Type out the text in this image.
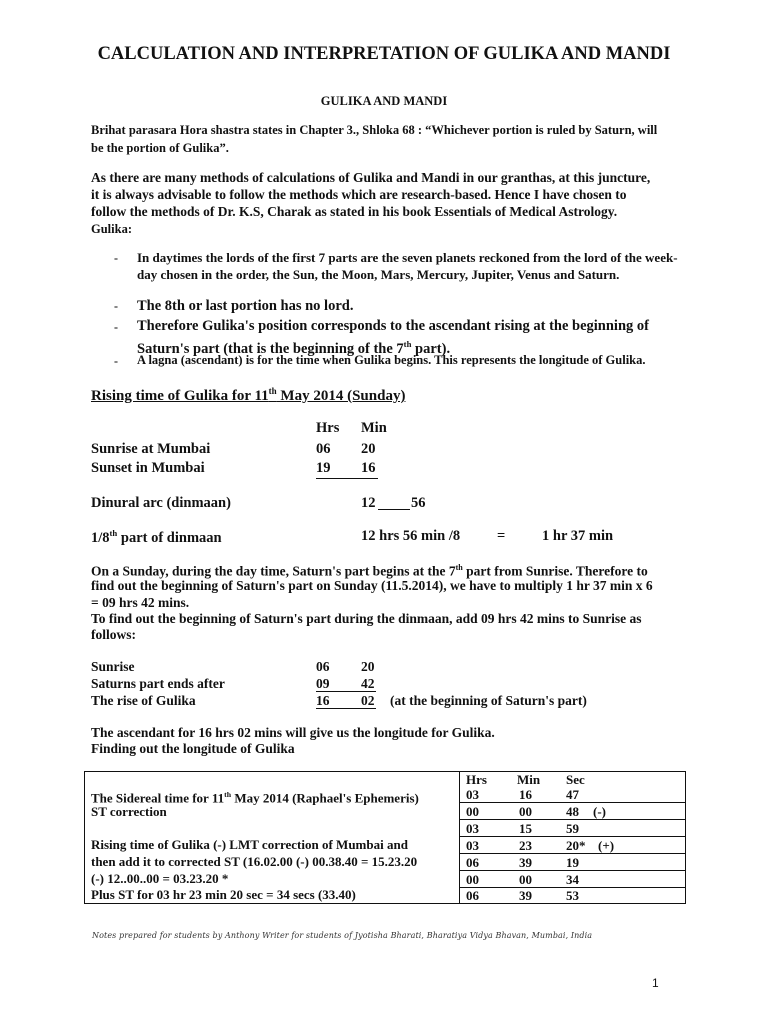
CALCULATION AND INTERPRETATION OF GULIKA AND MANDI
GULIKA AND MANDI
Brihat parasara Hora shastra states in Chapter 3., Shloka 68 : “Whichever portion is ruled by Saturn, will
be the portion of Gulika”.
As there are many methods of calculations of Gulika and Mandi in our granthas, at this juncture,
it is always advisable to follow the methods which are research-based. Hence I have chosen to
follow the methods of Dr. K.S, Charak as stated in his book Essentials of Medical Astrology.
Gulika:
- In daytimes the lords of the first 7 parts are the seven planets reckoned from the lord of the week-day chosen in the order, the Sun, the Moon, Mars, Mercury, Jupiter, Venus and Saturn.
- The 8th or last portion has no lord.
- Therefore Gulika's position corresponds to the ascendant rising at the beginning of
Saturn's part (that is the beginning of the 7th part).
- A lagna (ascendant) is for the time when Gulika begins. This represents the longitude of Gulika.
Rising time of Gulika for 11th May 2014 (Sunday)
Hrs Min
Sunrise at Mumbai	06 20
Sunset in Mumbai	19 16
Dinural arc (dinmaan)	12 56
1/8th part of dinmaan	12 hrs 56 min /8	=	1 hr 37 min
On a Sunday, during the day time, Saturn's part begins at the 7th part from Sunrise. Therefore to
find out the beginning of Saturn's part on Sunday (11.5.2014), we have to multiply 1 hr 37 min x 6
= 09 hrs 42 mins.
To find out the beginning of Saturn's part during the dinmaan, add 09 hrs 42 mins to Sunrise as
follows:
Sunrise	06 20
Saturns part ends after	09 42
The rise of Gulika	16 02 (at the beginning of Saturn's part)
The ascendant for 16 hrs 02 mins will give us the longitude for Gulika.
Finding out the longitude of Gulika
The Sidereal time for 11th May 2014 (Raphael's Ephemeris)
ST correction
Rising time of Gulika (-) LMT correction of Mumbai and
then add it to corrected ST (16.02.00 (-) 00.38.40 = 15.23.20
(-) 12..00..00 = 03.23.20 *
Plus ST for 03 hr 23 min 20 sec = 34 secs (33.40)
Hrs Min Sec
03	16	47
00	00	48 (-)
03	15	59
03	23	20* (+)
06	39	19
00	00	34
06	39	53
Notes prepared for students by Anthony Writer for students of Jyotisha Bharati, Bharatiya Vidya Bhavan, Mumbai, India
1
